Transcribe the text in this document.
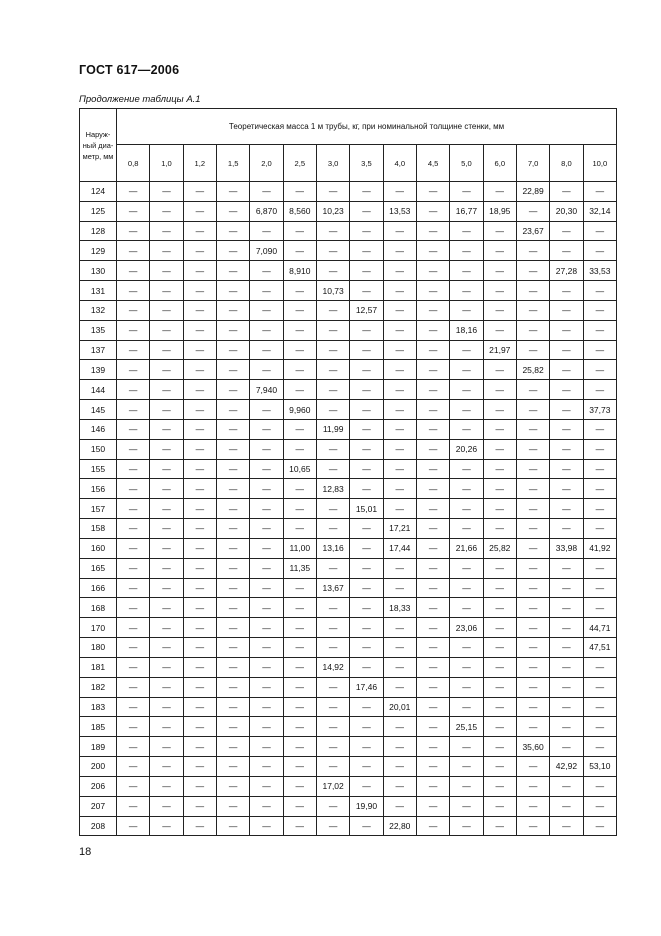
ГОСТ 617—2006
Продолжение таблицы А.1
Наруж-ный диа-метр, мм	Теоретическая масса 1 м трубы, кг, при номинальной толщине стенки, мм														
	0,8	1,0	1,2	1,5	2,0	2,5	3,0	3,5	4,0	4,5	5,0	6,0	7,0	8,0	10,0
124	—	—	—	—	—	—	—	—	—	—	—	—	22,89	—	—
125	—	—	—	—	6,870	8,560	10,23	—	13,53	—	16,77	18,95	—	20,30	32,14
128	—	—	—	—	—	—	—	—	—	—	—	—	23,67	—	—
129	—	—	—	—	7,090	—	—	—	—	—	—	—	—	—	—
130	—	—	—	—	—	8,910	—	—	—	—	—	—	—	27,28	33,53
131	—	—	—	—	—	—	10,73	—	—	—	—	—	—	—	—
132	—	—	—	—	—	—	—	12,57	—	—	—	—	—	—	—
135	—	—	—	—	—	—	—	—	—	—	18,16	—	—	—	—
137	—	—	—	—	—	—	—	—	—	—	—	21,97	—	—	—
139	—	—	—	—	—	—	—	—	—	—	—	—	25,82	—	—
144	—	—	—	—	7,940	—	—	—	—	—	—	—	—	—	—
145	—	—	—	—	—	9,960	—	—	—	—	—	—	—	—	37,73
146	—	—	—	—	—	—	11,99	—	—	—	—	—	—	—	—
150	—	—	—	—	—	—	—	—	—	—	20,26	—	—	—	—
155	—	—	—	—	—	10,65	—	—	—	—	—	—	—	—	—
156	—	—	—	—	—	—	12,83	—	—	—	—	—	—	—	—
157	—	—	—	—	—	—	—	15,01	—	—	—	—	—	—	—
158	—	—	—	—	—	—	—	—	17,21	—	—	—	—	—	—
160	—	—	—	—	—	11,00	13,16	—	17,44	—	21,66	25,82	—	33,98	41,92
165	—	—	—	—	—	11,35	—	—	—	—	—	—	—	—	—
166	—	—	—	—	—	—	13,67	—	—	—	—	—	—	—	—
168	—	—	—	—	—	—	—	—	18,33	—	—	—	—	—	—
170	—	—	—	—	—	—	—	—	—	—	23,06	—	—	—	44,71
180	—	—	—	—	—	—	—	—	—	—	—	—	—	—	47,51
181	—	—	—	—	—	—	14,92	—	—	—	—	—	—	—	—
182	—	—	—	—	—	—	—	17,46	—	—	—	—	—	—	—
183	—	—	—	—	—	—	—	—	20,01	—	—	—	—	—	—
185	—	—	—	—	—	—	—	—	—	—	25,15	—	—	—	—
189	—	—	—	—	—	—	—	—	—	—	—	—	35,60	—	—
200	—	—	—	—	—	—	—	—	—	—	—	—	—	42,92	53,10
206	—	—	—	—	—	—	17,02	—	—	—	—	—	—	—	—
207	—	—	—	—	—	—	—	19,90	—	—	—	—	—	—	—
208	—	—	—	—	—	—	—	—	22,80	—	—	—	—	—	—
18
